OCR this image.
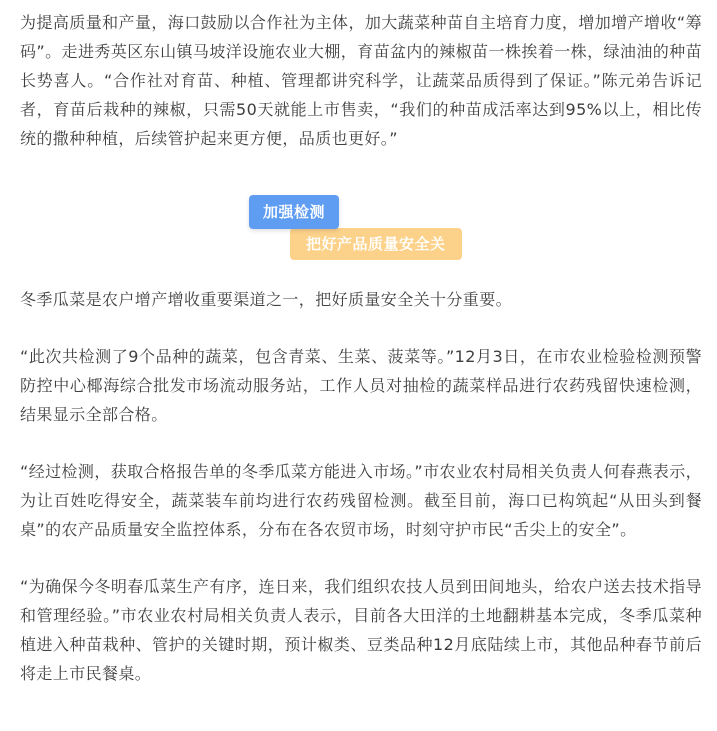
为提高质量和产量，海口鼓励以合作社为主体，加大蔬菜种苗自主培育力度，增加增产增收“筹码”。走进秀英区东山镇马坡洋设施农业大棚，育苗盆内的辣椒苗一株挨着一株，绿油油的种苗长势喜人。“合作社对育苗、种植、管理都讲究科学，让蔬菜品质得到了保证。”陈元弟告诉记者，育苗后栽种的辣椒，只需50天就能上市售卖，“我们的种苗成活率达到95%以上，相比传统的撒种种植，后续管护起来更方便，品质也更好。”

加强检测
把好产品质量安全关

冬季瓜菜是农户增产增收重要渠道之一，把好质量安全关十分重要。

“此次共检测了9个品种的蔬菜，包含青菜、生菜、菠菜等。”12月3日，在市农业检验检测预警防控中心椰海综合批发市场流动服务站，工作人员对抽检的蔬菜样品进行农药残留快速检测，结果显示全部合格。

“经过检测，获取合格报告单的冬季瓜菜方能进入市场。”市农业农村局相关负责人何春燕表示，为让百姓吃得安全，蔬菜装车前均进行农药残留检测。截至目前，海口已构筑起“从田头到餐桌”的农产品质量安全监控体系，分布在各农贸市场，时刻守护市民“舌尖上的安全”。

“为确保今冬明春瓜菜生产有序，连日来，我们组织农技人员到田间地头，给农户送去技术指导和管理经验。”市农业农村局相关负责人表示，目前各大田洋的土地翻耕基本完成，冬季瓜菜种植进入种苗栽种、管护的关键时期，预计椒类、豆类品种12月底陆续上市，其他品种春节前后将走上市民餐桌。
